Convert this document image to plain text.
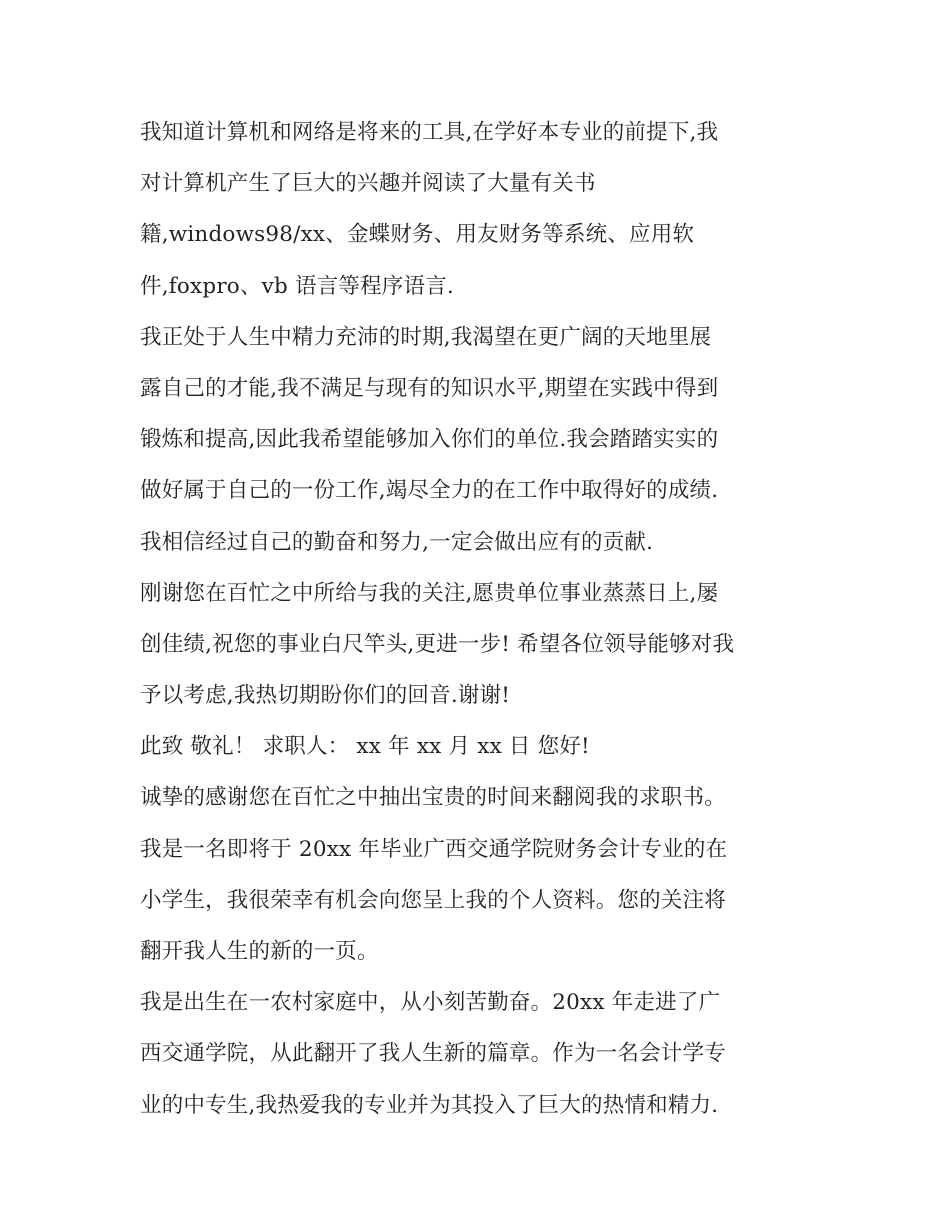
我知道计算机和网络是将来的工具,在学好本专业的前提下,我
对计算机产生了巨大的兴趣并阅读了大量有关书
籍,windows98/xx、金蝶财务、用友财务等系统、应用软
件,foxpro、vb 语言等程序语言.
我正处于人生中精力充沛的时期,我渴望在更广阔的天地里展
露自己的才能,我不满足与现有的知识水平,期望在实践中得到
锻炼和提高,因此我希望能够加入你们的单位.我会踏踏实实的
做好属于自己的一份工作,竭尽全力的在工作中取得好的成绩.
我相信经过自己的勤奋和努力,一定会做出应有的贡献.
刚谢您在百忙之中所给与我的关注,愿贵单位事业蒸蒸日上,屡
创佳绩,祝您的事业白尺竿头,更进一步! 希望各位领导能够对我
予以考虑,我热切期盼你们的回音.谢谢!
此致 敬礼！ 求职人： xx 年 xx 月 xx 日 您好!
诚挚的感谢您在百忙之中抽出宝贵的时间来翻阅我的求职书。
我是一名即将于 20xx 年毕业广西交通学院财务会计专业的在
小学生，我很荣幸有机会向您呈上我的个人资料。您的关注将
翻开我人生的新的一页。
我是出生在一农村家庭中，从小刻苦勤奋。20xx 年走进了广
西交通学院，从此翻开了我人生新的篇章。作为一名会计学专
业的中专生,我热爱我的专业并为其投入了巨大的热情和精力.
